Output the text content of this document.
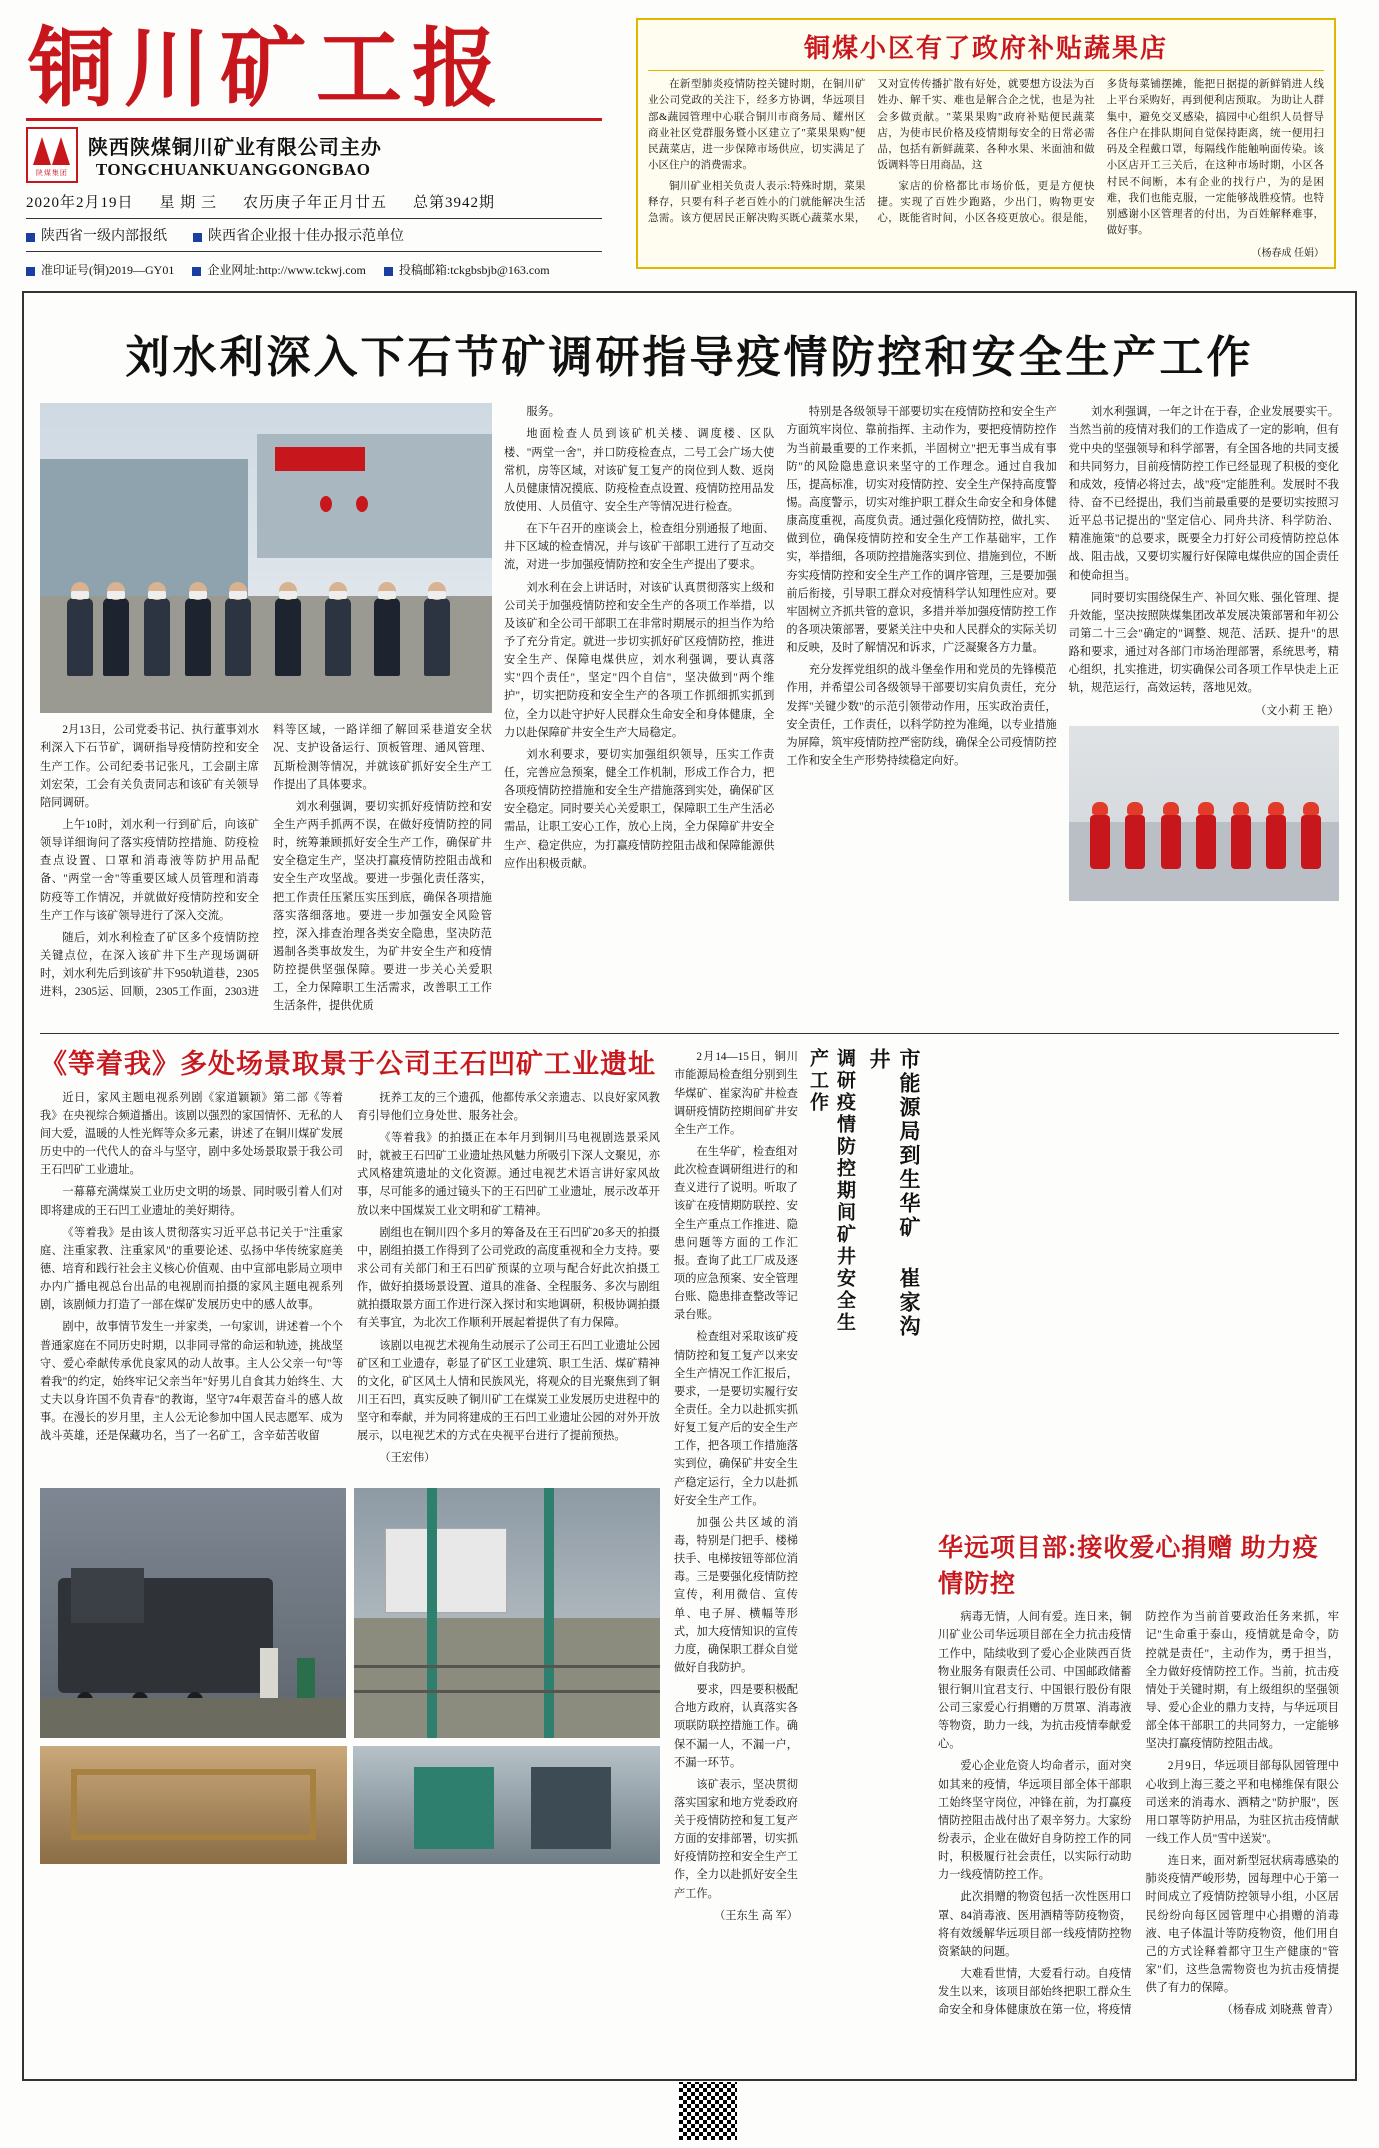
铜川矿工报
陕煤集团
陕西陕煤铜川矿业有限公司主办 TONGCHUANKUANGGONGBAO
2020年2月19日 星 期 三 农历庚子年正月廿五 总第3942期
陕西省一级内部报纸	陕西省企业报十佳办报示范单位
准印证号(铜)2019—GY01	企业网址:http://www.tckwj.com	投稿邮箱:tckgbsbjb@163.com
铜煤小区有了政府补贴蔬果店

在新型肺炎疫情防控关键时期，在铜川矿业公司党政的关注下，经多方协调，华远项目部&蔬园管理中心联合铜川市商务局、耀州区商业社区党群服务暨小区建立了"菜果果购"便民蔬菜店，进一步保障市场供应，切实满足了小区住户的消费需求。

铜川矿业相关负责人表示:特殊时期，菜果释存，只要有科子老百姓小的门就能解决生活急需。该方便居民正解决购买既心蔬菜水果，又对宣传传播扩散有好处，就要想方设法为百姓办、解千实、难也是解合企之忧，也是为社会多做贡献。"菜果果购"政府补贴便民蔬菜店，为使市民价格及疫情期每安全的日常必需品，包括有新鲜蔬菜、各种水果、米面油和做饭调料等日用商品，这

家店的价格都比市场价低，更是方便快捷。实现了百姓少跑路，少出门，购物更安心，既能省时间，小区各疫更放心。很是能，多货每菜铺摆摊，能把日据提的新鲜销进人线上平台采购好，再到便利店预取。 为助让人群集中，避免交叉感染，搞园中心组织人员督导各住户在排队期间自觉保持距离，统一便用扫码及全程戴口罩，每隔线作能触响面传染。该小区店开工三关后，在这种市场时期，小区各村民不间断，本有企业的找行户，为的是困难，我们也能克服，一定能够战胜疫情。也特别感谢小区管理者的付出，为百姓解释难事，做好事。

（杨春成 任娟）
刘水利深入下石节矿调研指导疫情防控和安全生产工作

2月13日，公司党委书记、执行董事刘水利深入下石节矿，调研指导疫情防控和安全生产工作。公司纪委书记张凡，工会副主席刘宏荣，工会有关负责同志和该矿有关领导陪同调研。

上午10时，刘水利一行到矿后，向该矿领导详细询问了落实疫情防控措施、防疫检查点设置、口罩和消毒液等防护用品配备、"两堂一舍"等重要区域人员管理和消毒防疫等工作情况，并就做好疫情防控和安全生产工作与该矿领导进行了深入交流。

随后，刘水利检查了矿区多个疫情防控关键点位，在深入该矿井下生产现场调研时，刘水利先后到该矿井下950轨道巷，2305进料，2305运、回顺，2305工作面，2303进料等区域，一路详细了解回采巷道安全状况、支护设备运行、顶板管理、通风管理、瓦斯检测等情况，并就该矿抓好安全生产工作提出了具体要求。

刘水利强调，要切实抓好疫情防控和安全生产两手抓两不误，在做好疫情防控的同时，统筹兼顾抓好安全生产工作，确保矿井安全稳定生产，坚决打赢疫情防控阻击战和安全生产攻坚战。要进一步强化责任落实，把工作责任压紧压实压到底，确保各项措施落实落细落地。要进一步加强安全风险管控，深入排查治理各类安全隐患，坚决防范遏制各类事故发生，为矿井安全生产和疫情防控提供坚强保障。要进一步关心关爱职工，全力保障职工生活需求，改善职工工作生活条件，提供优质

服务。

地面检查人员到该矿机关楼、调度楼、区队楼、"两堂一舍"，并口防疫检查点，二号工会广场大使常机，房等区域，对该矿复工复产的岗位到人数、返岗人员健康情况摸底、防疫检查点设置、疫情防控用品发放使用、人员值守、安全生产等情况进行检查。

在下午召开的座谈会上，检查组分别通报了地面、井下区域的检查情况，并与该矿干部职工进行了互动交流，对进一步加强疫情防控和安全生产提出了要求。

刘水利在会上讲话时，对该矿认真贯彻落实上级和公司关于加强疫情防控和安全生产的各项工作举措，以及该矿和全公司干部职工在非常时期展示的担当作为给予了充分肯定。就进一步切实抓好矿区疫情防控，推进安全生产、保障电煤供应，刘水利强调，要认真落实"四个责任"，坚定"四个自信"，坚决做到"两个维护"，切实把防疫和安全生产的各项工作抓细抓实抓到位，全力以赴守护好人民群众生命安全和身体健康，全力以赴保障矿井安全生产大局稳定。

刘水利要求，要切实加强组织领导，压实工作责任，完善应急预案，健全工作机制，形成工作合力，把各项疫情防控措施和安全生产措施落到实处，确保矿区安全稳定。同时要关心关爱职工，保障职工生产生活必需品，让职工安心工作，放心上岗，全力保障矿井安全生产、稳定供应，为打赢疫情防控阻击战和保障能源供应作出积极贡献。

特别是各级领导干部要切实在疫情防控和安全生产方面筑牢岗位、靠前指挥、主动作为，要把疫情防控作为当前最重要的工作来抓，半固树立"把无事当成有事防"的风险隐患意识来坚守的工作理念。通过自我加压，提高标准，切实对疫情防控、安全生产保持高度警惕。高度警示，切实对维护职工群众生命安全和身体健康高度重视，高度负责。通过强化疫情防控，做扎实、做到位，确保疫情防控和安全生产工作基础牢，工作实，举措细，各项防控措施落实到位、措施到位，不断夯实疫情防控和安全生产工作的调序管理，三是要加强前后衔接，引导职工群众对疫情科学认知理性应对。要牢固树立齐抓共管的意识，多措并举加强疫情防控工作的各项决策部署，要紧关注中央和人民群众的实际关切和反映，及时了解情况和诉求，广泛凝聚各方力量。

充分发挥党组织的战斗堡垒作用和党员的先锋模范作用，并希望公司各级领导干部要切实肩负责任，充分发挥"关键少数"的示范引领带动作用，压实政治责任，安全责任，工作责任，以科学防控为准绳，以专业措施为屏障，筑牢疫情防控严密防线，确保全公司疫情防控工作和安全生产形势持续稳定向好。

刘水利强调，一年之计在于春，企业发展要实干。当然当前的疫情对我们的工作造成了一定的影响，但有党中央的坚强领导和科学部署，有全国各地的共同支援和共同努力，目前疫情防控工作已经显现了积极的变化和成效，疫情必将过去，战"疫"定能胜利。发展时不我待、奋不已经提出，我们当前最重要的是要切实按照习近平总书记提出的"坚定信心、同舟共济、科学防治、精准施策"的总要求，既要全力打好公司疫情防控总体战、阻击战，又要切实履行好保障电煤供应的国企责任和使命担当。

同时要切实围绕保生产、补回欠账、强化管理、提升效能，坚决按照陕煤集团改革发展决策部署和年初公司第二十三会"确定的"调整、规范、活跃、提升"的思路和要求，通过对各部门市场治理部署，系统思考，精心组织，扎实推进，切实确保公司各项工作早快走上正轨，规范运行，高效运转，落地见效。

（文小莉 王 艳）

《等着我》多处场景取景于公司王石凹矿工业遗址

近日，家风主题电视系列剧《家道颖颖》第二部《等着我》在央视综合频道播出。该剧以强烈的家国情怀、无私的人间大爱，温暖的人性光辉等众多元素，讲述了在铜川煤矿发展历史中的一代代人的奋斗与坚守，剧中多处场景取景于我公司王石凹矿工业遗址。

一幕幕充满煤炭工业历史文明的场景、同时吸引着人们对即将建成的王石凹工业遗址的美好期待。

《等着我》是由该人贯彻落实习近平总书记关于"注重家庭、注重家教、注重家风"的重要论述、弘扬中华传统家庭美德、培育和践行社会主义核心价值观、由中宣部电影局立项申办内广播电视总台出品的电视剧而拍摄的家风主题电视系列剧，该剧倾力打造了一部在煤矿发展历史中的感人故事。

剧中，故事情节发生一并家类，一句家训，讲述着一个个普通家庭在不同历史时期，以非同寻常的命运和轨迹，挑战坚守、爱心牵献传承优良家风的动人故事。主人公父亲一句"等着我"的约定，始终牢记父亲当年"好男儿自食其力始终生、大丈夫以身许国不负青春"的教诲，坚守74年艰苦奋斗的感人故事。在漫长的岁月里，主人公无论参加中国人民志愿军、成为战斗英雄，还是保藏功名，当了一名矿工，含辛茹苦收留

抚养工友的三个遗孤，他都传承父亲遗志、以良好家风教育引导他们立身处世、服务社会。

《等着我》的拍摄正在本年月到铜川马电视剧选景采风时，就被王石凹矿工业遗址热风魅力所吸引下深人文聚见，亦式风格建筑遗址的文化资源。通过电视艺术语言讲好家风故事，尽可能多的通过镜头下的王石凹矿工业遗址，展示改革开放以来中国煤炭工业文明和矿工精神。

剧组也在铜川四个多月的筹备及在王石凹矿20多天的拍摄中，剧组拍摄工作得到了公司党政的高度重视和全力支持。要求公司有关部门和王石凹矿预谋的立项与配合好此次拍摄工作，做好拍摄场景设置、道具的准备、全程服务、多次与剧组就拍摄取景方面工作进行深入探讨和实地调研，积极协调拍摄有关事宜，为北次工作顺利开展起着提供了有力保障。

该剧以电视艺术视角生动展示了公司王石凹工业遗址公园矿区和工业遗存，彰显了矿区工业建筑、职工生活、煤矿精神的文化，矿区风土人情和民族风光，将观众的目光聚焦到了铜川王石凹，真实反映了铜川矿工在煤炭工业发展历史进程中的坚守和奉献，并为同将建成的王石凹工业遗址公园的对外开放展示，以电视艺术的方式在央视平台进行了提前预热。

（王宏伟）

2月14—15日，铜川市能源局检查组分别到生华煤矿、崔家沟矿井检查调研疫情防控期间矿井安全生产工作。

在生华矿，检查组对此次检查调研组进行的和查义进行了说明。听取了该矿在疫情期防联控、安全生产重点工作推进、隐患问题等方面的工作汇报。查询了此工厂成及逐项的应急预案、安全管理台账、隐患排查整改等记录台账。

检查组对采取该矿疫情防控和复工复产以来安全生产情况工作汇报后，要求，一是要切实履行安全责任。全力以赴抓实抓好复工复产后的安全生产工作，把各项工作措施落实到位，确保矿井安全生产稳定运行，全力以赴抓好安全生产工作。

加强公共区域的消毒，特别是门把手、楼梯扶手、电梯按钮等部位消毒。三是要强化疫情防控宣传，利用微信、宣传单、电子屏、横幅等形式，加大疫情知识的宣传力度，确保职工群众自觉做好自我防护。

要求，四是要积极配合地方政府，认真落实各项联防联控措施工作。确保不漏一人，不漏一户，不漏一环节。

该矿表示，坚决贯彻落实国家和地方党委政府关于疫情防控和复工复产方面的安排部署，切实抓好疫情防控和安全生产工作，全力以赴抓好安全生产工作。

（王东生 高 军）

调研疫情防控期间矿井安全生产工作	市能源局到生华矿 崔家沟井
华远项目部:接收爱心捐赠 助力疫情防控

病毒无情，人间有爱。连日来，铜川矿业公司华远项目部在全力抗击疫情工作中，陆续收到了爱心企业陕西百货物业服务有限责任公司、中国邮政储蓄银行铜川宜君支行、中国银行股份有限公司三家爱心行捐赠的万贯罩、消毒液等物资，助力一线，为抗击疫情奉献爱心。

爱心企业危资人均命者示，面对突如其来的疫情，华远项目部全体干部职工始终坚守岗位，冲锋在前，为打赢疫情防控阻击战付出了艰辛努力。大家纷纷表示，企业在做好自身防控工作的同时，积极履行社会责任，以实际行动助力一线疫情防控工作。

此次捐赠的物资包括一次性医用口罩、84消毒液、医用酒精等防疫物资，将有效缓解华远项目部一线疫情防控物资紧缺的问题。

大难看世情，大爱看行动。自疫情发生以来，该项目部始终把职工群众生命安全和身体健康放在第一位，将疫情防控作为当前首要政治任务来抓，牢记"生命重于泰山，疫情就是命令，防控就是责任"，主动作为，勇于担当，全力做好疫情防控工作。当前，抗击疫情处于关键时期，有上级组织的坚强领导、爱心企业的鼎力支持，与华远项目部全体干部职工的共同努力，一定能够坚决打赢疫情防控阻击战。

2月9日，华远项目部每队园管理中心收到上海三菱之平和电梯维保有限公司送来的消毒水、酒精之"防护服"，医用口罩等防护用品，为驻区抗击疫情献一线工作人员"雪中送炭"。

连日来，面对新型冠状病毒感染的肺炎疫情严峻形势，园每理中心于第一时间成立了疫情防控领导小组，小区居民纷纷向每区园管理中心捐赠的消毒液、电子体温计等防疫物资，他们用自己的方式诠释着都守卫生产健康的"管家"们，这些急需物资也为抗击疫情提供了有力的保障。

（杨春成 刘晓燕 曾青）
